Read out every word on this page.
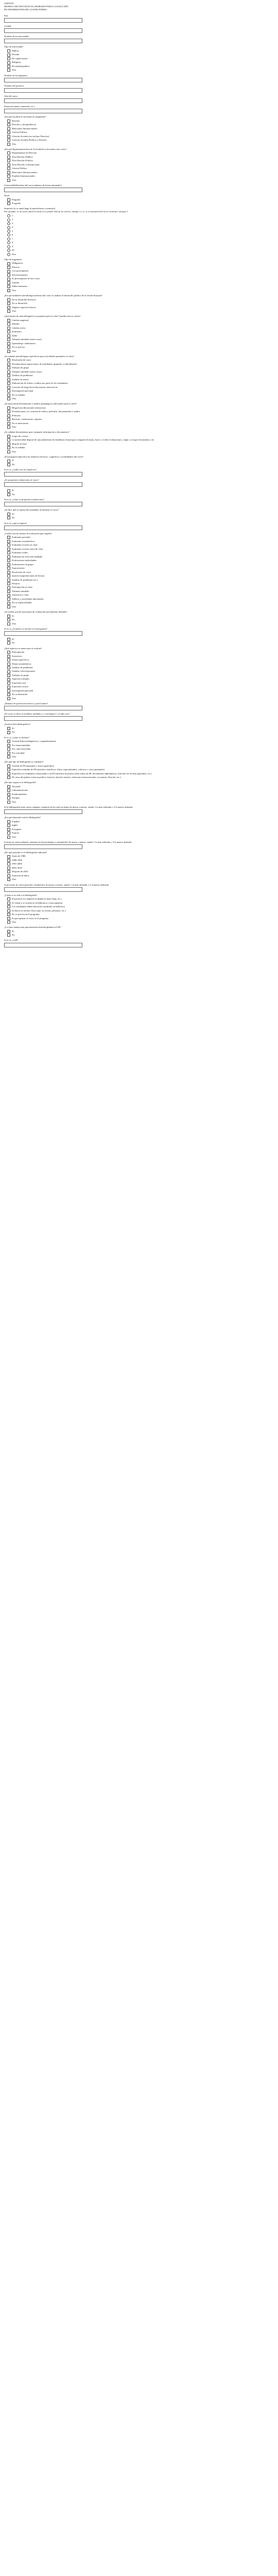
ANEXOS
MODELO DE ENCUESTA ELABORADO PARA LA ELECCIÓN
DE INFORMANTES DE CUATRO PAÍSES
País
Ciudad
Nombre de la universidad
Tipo de universidad
Pública
Privada
De capital mixto
Religiosa
De entidad pública
Otro
Nombre de la asignatura
Nombre del profesor
Año del curso
Duración (anual, semestral, etc.)
¿En qué facultad se encuentra la asignatura?
Derecho
Derecho y Jurisprudencia
Relaciones Internacionales
Ciencia Política
Ciencias Sociales (no incluye Derecho)
Ciencias Sociales/Política y Derecho
Otro
¿En qué departamento/área de la facultad se encuentra este curso?
Departamento de Derecho
Área Derecho Público
Área Derecho Político
Área Derecho Constitucional
Ciencia Política
Relaciones Internacionales
Estudios Internacionales
Otro
Universidad/Instituto del curso (número de horas semanales)
Nivel
Pregrado
Posgrado
Semestre (si es anual haga la equivalencia a semestre)
Por ejemplo: si un curso anual se dicta en el primer año de la carrera, marque 1 y 2; si es semestral del tercer semestre, marque 3
1
2
3
4
5
6
7
8
9
10
Otro
Tipo de asignatura
Obligatoria
Electiva
Con prerrequisito
Sin prerrequisito
Es prerrequisito de otro curso
Cátedra
Taller/seminario
Otro
¿En qué unidad/es metodológicas/temas del curso se analiza el desarrollo político de la Unión Europea?
En su desarrollo histórico
No se desarrolla
Algunos aspectos básicos
Otro
¿Qué tipo(s) de metodología(s) se proponen para la clase? (puede marcar varias)
Cátedra magistral
Debates
Cátedra activa
Seminario
Taller
Tribunal simulado (moot court)
Aprendizaje colaborativo
No se precisa
Otro
¿Se señalan metodologías específicas para actividades puntuales en clase?
Resolución de casos
Presentaciones/exposiciones de estudiantes (grupales o individuales)
Trabajos de grupo
Tribunal simulado (moot court)
Análisis de problemas
Análisis de textos
Elaboración de videos o audios por parte de los estudiantes
Creación de blogs/foros/discusiones interactivas
Investigación personal
No se señalan
Otro
¿Se mencionan herramientas o medios pedagógicos adecuados para la clase?
Blogs/foros/discusiones interactivas
Presentaciones y/o creación de videos, películas, documentales o audios
Películas
Revistas, conferencias, reportes
No se mencionan
Otro
¿Se señalan herramientas para compartir información y documentos?
Grupo de correos
La universidad dispone de una plataforma de enseñanza virtual para compartir lecturas, hacer y recibir evaluaciones, colgar y recoger documentos, etc.
Blog de la clase
No se señalan
Otro
¿El programa especifica los objetivos técnicos, cognitivos y actitudinales del curso?
Sí
No
Si es sí, ¿cuáles son los objetivos?
¿Se proponen evaluaciones al curso?
Sí
No
Si es sí, ¿cómo se proponen evaluaciones?
¿Se dice qué se espera del estudiante al finalizar el curso?
Sí
No
Si es sí, ¿qué se espera?
¿Cuáles son las formas de evaluación que emplea?
Exámenes parciales
Exámenes acumulativos
Exámenes escritos en clase
Exámenes escritos fuera de clase
Exámenes orales
Exámenes de selección múltiple
Evaluaciones individuales
Evaluaciones en grupo
Exposiciones
Resolución de casos
Quices/comprobaciones de lectura
Análisis de problemas (ex.)
Ensayos
Participación en clase
Tribunal simulado
Asistencia a clase
Talleres y actividades adicionales
No se explica/detalla
Otro
¿Se evalúa acorde una matriz de evaluación previamente definida?
Sí
No
Otro
Si es sí, ¿la matriz se incluye en el programa?
Sí
No
¿Qué aspectos se tienen que re-evaluar?
Participación
Asistencia
Temas específicos
Temas acumulativos
Análisis de problemas
Análisis crítico/personal
Trabajos en grupo
Aspectos formales
Expresión oral
Expresión escrita
Investigación personal
No se determina
Otro
¿Número de profesores/tutores y practicantes?
¿El curso se dicta en modelos mediático y cronológico? ¿Cuáles son?
¿Incluye lista bibliográfica?
Sí
No
Si es sí, ¿cómo se incluye?
General (básica/obligatoria y complementaria)
Por temas/unidades
Por cada clase/tema
Por actividad
Otro
¿De qué tipo de bibliografía se compone?
General de DI (manuales o textos generales)
Específica estándar de DI (artículos científicos, libros especializados, coletivos o casos puntuales)
Específica en estándares relacionados con DI (artículos de prensa sobre temas de DI, documentos diplomáticos, artículos de revistas generales, etc.)
De otras disciplinas (ciencia política, historia, derecho interno, relaciones internacionales, economía, filosofía, etc.)
¿De qué origen es la bibliografía?
Nacional
Latinoamericano
Estadounidense
Europeo
Otro
Si la bibliografía tiene varios orígenes, enumere de los más recientes de mayor a menor, siendo 1 la más utilizada y 5 la menos utilizada
¿En qué idioma(s) está la bibliografía?
Español
Inglés
Portugués
Francés
Otro
Si tiene en varios idiomas, enumere la lista jerárquica y enumérelos de mayor a menor, siendo 1 la más utilizada y 5 la menos utilizada
¿De qué periodos es la bibliografía indicada?
Antes de 1980
1980-1990
1991-2000
2001-2010
Después de 2010
Ausencia de datos
Otro
Si proviene de varios periodos, enumérelos de mayor a menor, siendo 1 la más utilizada y 5 la menos utilizada
¿Cómo se accede a la bibliografía?
El profesor la comparte en digital (e-mail, blog, etc.)
Se vende o se facilita en la biblioteca o fotocopiadora
Los estudiantes deben buscarla/consultarla en biblioteca
Se busca en archivo físico (por su cuenta, préstamo, etc.)
No se precisa en el programa
Es para pensar el curso en el programa
Otro
¿La clase maneja una aproximación interdisciplinaria al DI?
Sí
No
Si es sí, ¿cuál?
